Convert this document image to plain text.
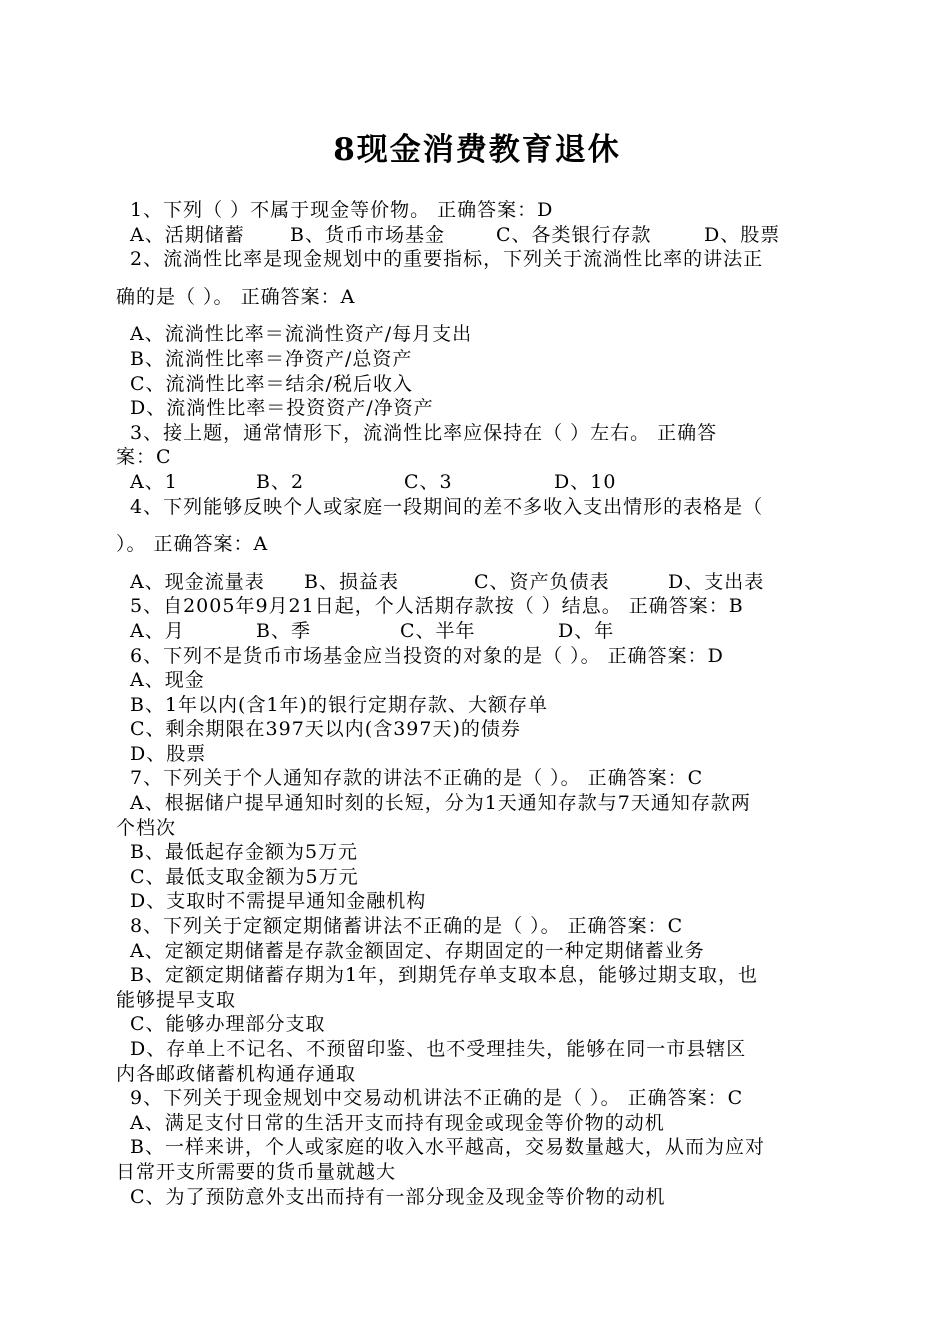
8现金消费教育退休
1、下列（ ）不属于现金等价物。 正确答案：D
A、活期储蓄 B、货币市场基金	C、各类银行存款	D、股票
2、流淌性比率是现金规划中的重要指标，下列关于流淌性比率的讲法正
确的是（ ）。 正确答案：A
A、流淌性比率＝流淌性资产/每月支出
B、流淌性比率＝净资产/总资产
C、流淌性比率＝结余/税后收入
D、流淌性比率＝投资资产/净资产
3、接上题，通常情形下，流淌性比率应保持在（ ）左右。 正确答
案：C
A、1	B、2	C、3	D、10
4、下列能够反映个人或家庭一段期间的差不多收入支出情形的表格是（
）。 正确答案：A
A、现金流量表 B、损益表	C、资产负债表	D、支出表
5、自2005年9月21日起，个人活期存款按（ ）结息。 正确答案：B
A、月	B、季	C、半年	D、年
6、下列不是货币市场基金应当投资的对象的是（ ）。 正确答案：D
A、现金
B、1年以内(含1年)的银行定期存款、大额存单
C、剩余期限在397天以内(含397天)的债券
D、股票
7、下列关于个人通知存款的讲法不正确的是（ ）。 正确答案：C
A、根据储户提早通知时刻的长短，分为1天通知存款与7天通知存款两
个档次
B、最低起存金额为5万元
C、最低支取金额为5万元
D、支取时不需提早通知金融机构
8、下列关于定额定期储蓄讲法不正确的是（ ）。 正确答案：C
A、定额定期储蓄是存款金额固定、存期固定的一种定期储蓄业务
B、定额定期储蓄存期为1年，到期凭存单支取本息，能够过期支取，也
能够提早支取
C、能够办理部分支取
D、存单上不记名、不预留印鉴、也不受理挂失，能够在同一市县辖区
内各邮政储蓄机构通存通取
9、下列关于现金规划中交易动机讲法不正确的是（ ）。 正确答案：C
A、满足支付日常的生活开支而持有现金或现金等价物的动机
B、一样来讲，个人或家庭的收入水平越高，交易数量越大，从而为应对
日常开支所需要的货币量就越大
C、为了预防意外支出而持有一部分现金及现金等价物的动机
